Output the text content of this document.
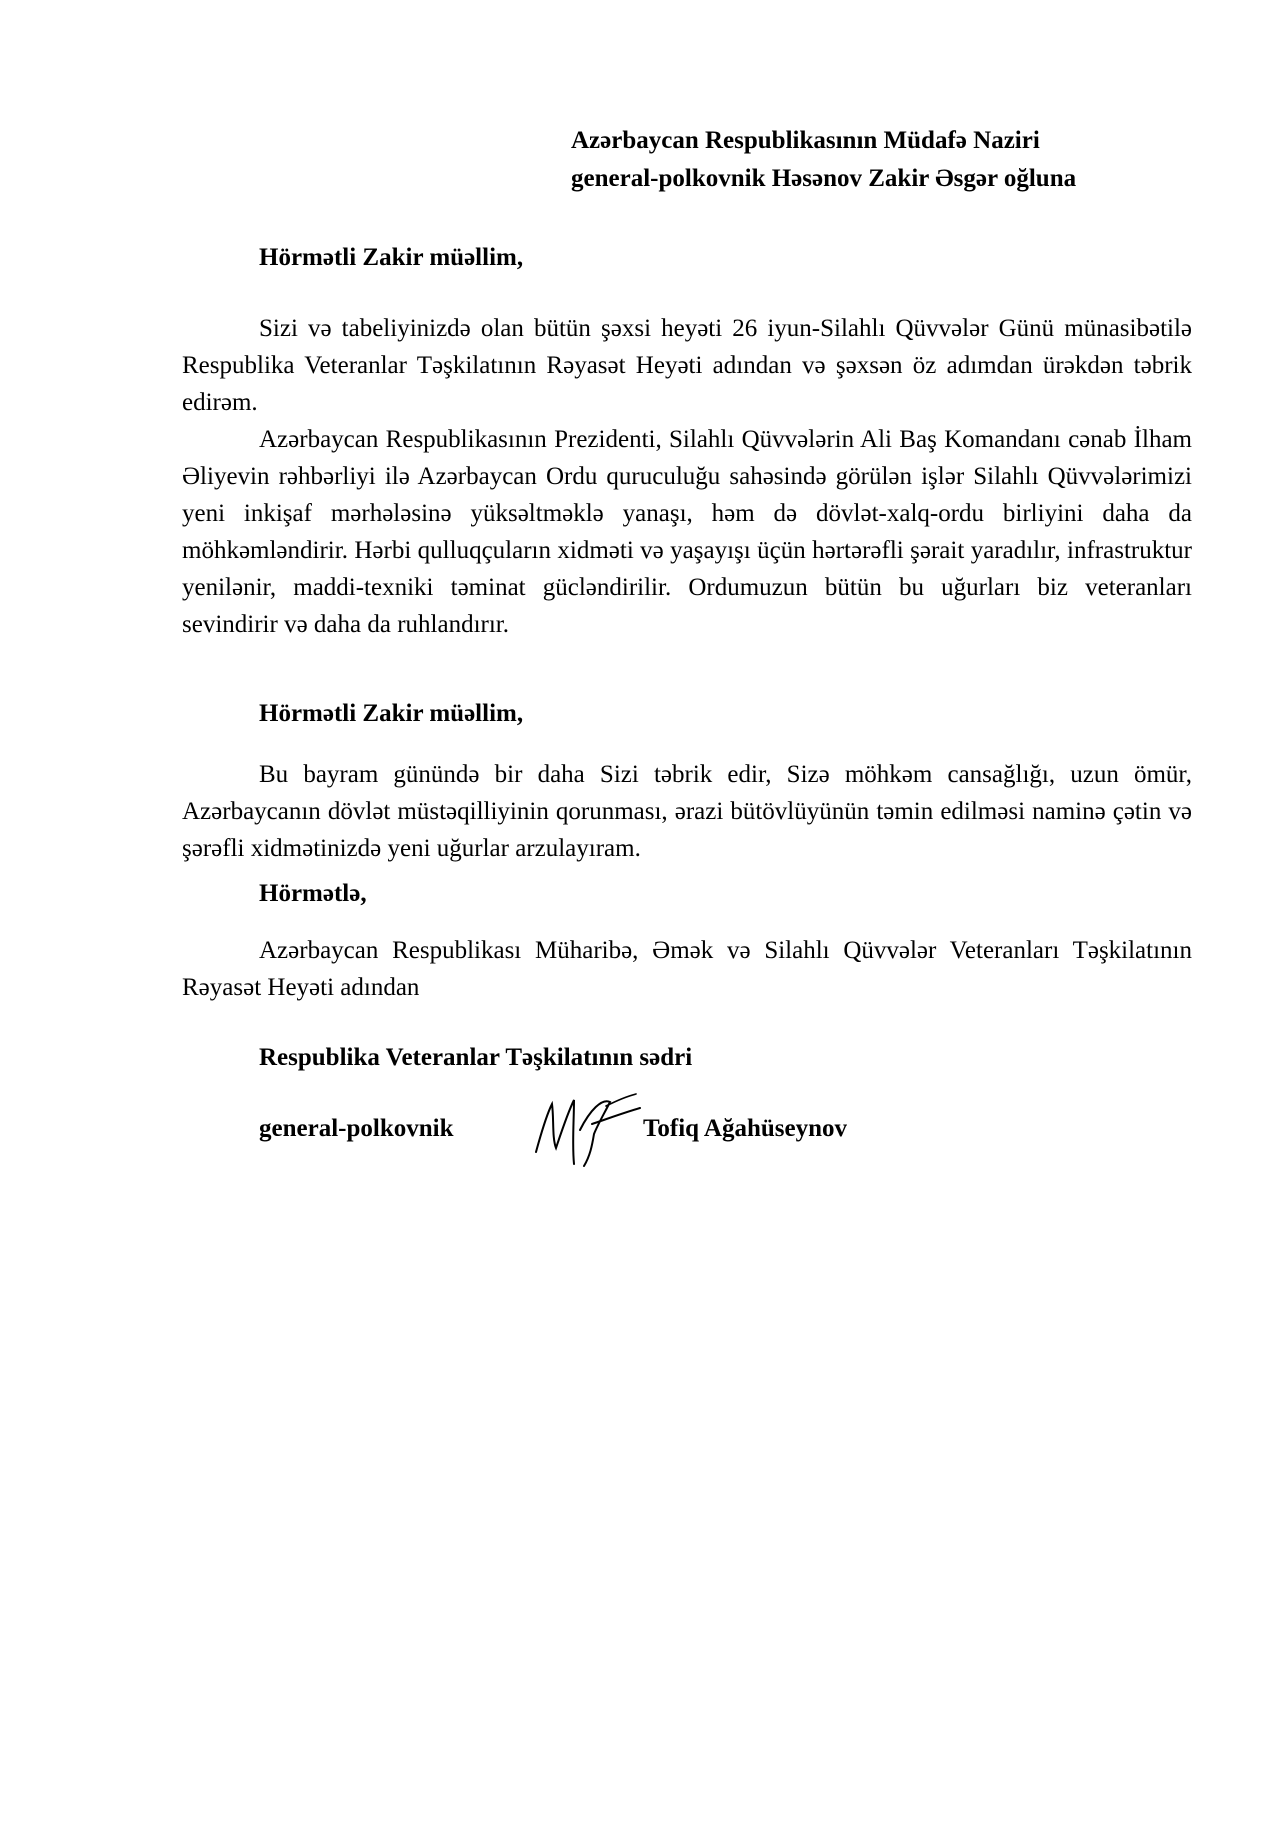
Azərbaycan Respublikasının Müdafə Naziri
general-polkovnik Həsənov Zakir Əsgər oğluna
Hörmətli Zakir müəllim,

Sizi və tabeliyinizdə olan bütün şəxsi heyəti 26 iyun-Silahlı Qüvvələr Günü münasibətilə Respublika Veteranlar Təşkilatının Rəyasət Heyəti adından və şəxsən öz adımdan ürəkdən təbrik edirəm.

Azərbaycan Respublikasının Prezidenti, Silahlı Qüvvələrin Ali Baş Komandanı cənab İlham Əliyevin rəhbərliyi ilə Azərbaycan Ordu quruculuğu sahəsində görülən işlər Silahlı Qüvvələrimizi yeni inkişaf mərhələsinə yüksəltməklə yanaşı, həm də dövlət-xalq-ordu birliyini daha da möhkəmləndirir. Hərbi qulluqçuların xidməti və yaşayışı üçün hərtərəfli şərait yaradılır, infrastruktur yenilənir, maddi-texniki təminat gücləndirilir. Ordumuzun bütün bu uğurları biz veteranları sevindirir və daha da ruhlandırır.

Hörmətli Zakir müəllim,

Bu bayram günündə bir daha Sizi təbrik edir, Sizə möhkəm cansağlığı, uzun ömür, Azərbaycanın dövlət müstəqilliyinin qorunması, ərazi bütövlüyünün təmin edilməsi naminə çətin və şərəfli xidmətinizdə yeni uğurlar arzulayıram.

Hörmətlə,

Azərbaycan Respublikası Müharibə, Əmək və Silahlı Qüvvələr Veteranları Təşkilatının Rəyasət Heyəti adından

Respublika Veteranlar Təşkilatının sədri
general-polkovnik	Tofiq Ağahüseynov
